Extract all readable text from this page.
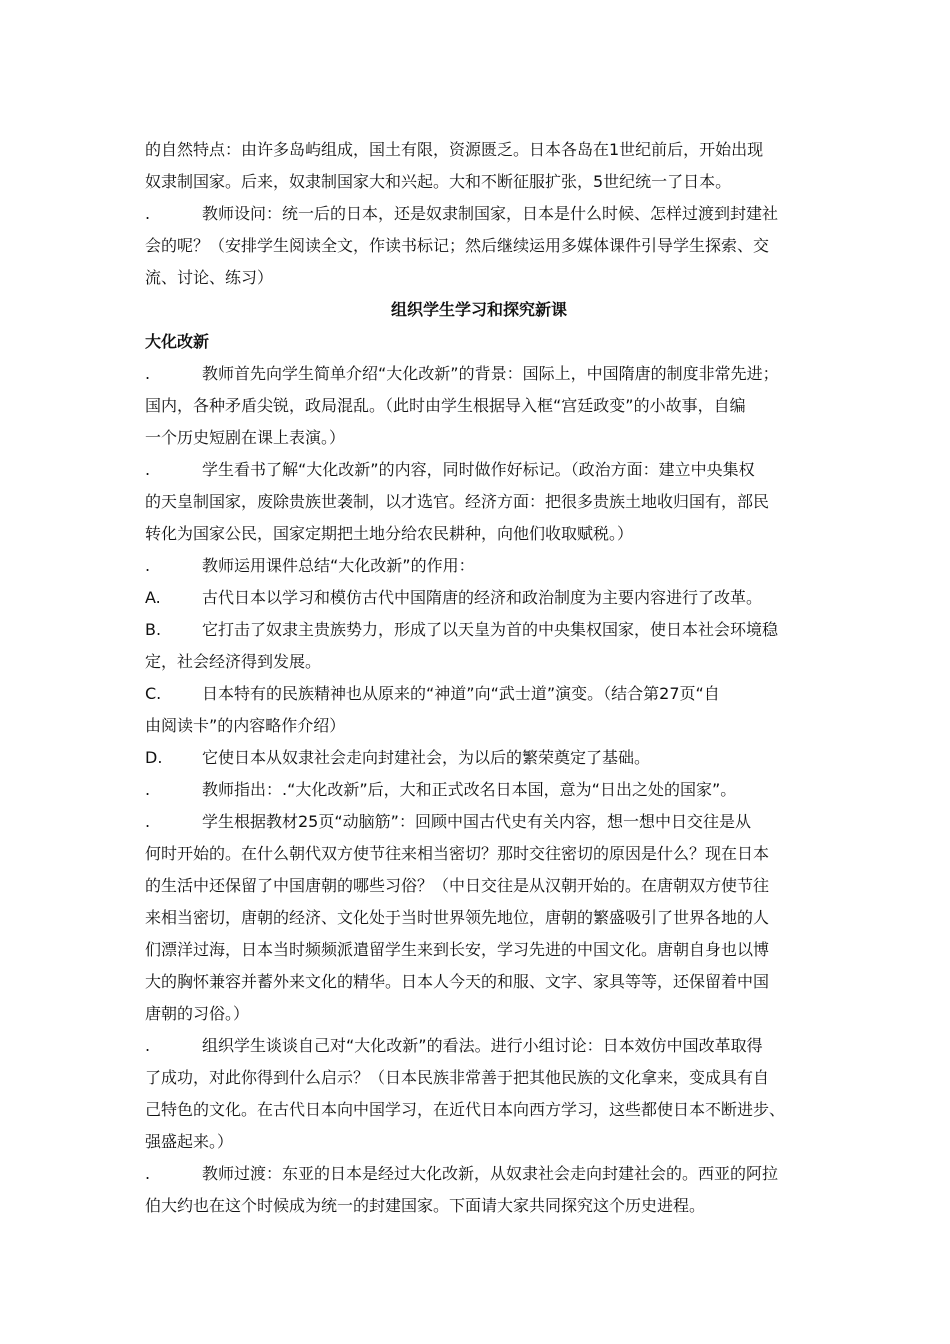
的自然特点：由许多岛屿组成，国土有限，资源匮乏。日本各岛在1世纪前后，开始出现
奴隶制国家。后来，奴隶制国家大和兴起。大和不断征服扩张，5世纪统一了日本。
.	教师设问：统一后的日本，还是奴隶制国家，日本是什么时候、怎样过渡到封建社
会的呢？（安排学生阅读全文，作读书标记；然后继续运用多媒体课件引导学生探索、交
流、讨论、练习）
组织学生学习和探究新课
大化改新
.	教师首先向学生简单介绍“大化改新”的背景：国际上，中国隋唐的制度非常先进；
国内，各种矛盾尖锐，政局混乱。（此时由学生根据导入框“宫廷政变”的小故事，自编
一个历史短剧在课上表演。）
.	学生看书了解“大化改新”的内容，同时做作好标记。（政治方面：建立中央集权
的天皇制国家，废除贵族世袭制，以才选官。经济方面：把很多贵族土地收归国有，部民
转化为国家公民，国家定期把土地分给农民耕种，向他们收取赋税。）
.	教师运用课件总结“大化改新”的作用：
A.	古代日本以学习和模仿古代中国隋唐的经济和政治制度为主要内容进行了改革。
B.	它打击了奴隶主贵族势力，形成了以天皇为首的中央集权国家，使日本社会环境稳
定，社会经济得到发展。
C.	日本特有的民族精神也从原来的“神道”向“武士道”演变。（结合第27页“自
由阅读卡”的内容略作介绍）
D.	它使日本从奴隶社会走向封建社会，为以后的繁荣奠定了基础。
.	教师指出：.“大化改新”后，大和正式改名日本国，意为“日出之处的国家”。
.	学生根据教材25页“动脑筋”：回顾中国古代史有关内容，想一想中日交往是从
何时开始的。在什么朝代双方使节往来相当密切？那时交往密切的原因是什么？现在日本
的生活中还保留了中国唐朝的哪些习俗？（中日交往是从汉朝开始的。在唐朝双方使节往
来相当密切，唐朝的经济、文化处于当时世界领先地位，唐朝的繁盛吸引了世界各地的人
们漂洋过海，日本当时频频派遣留学生来到长安，学习先进的中国文化。唐朝自身也以博
大的胸怀兼容并蓄外来文化的精华。日本人今天的和服、文字、家具等等，还保留着中国
唐朝的习俗。）
.	组织学生谈谈自己对“大化改新”的看法。进行小组讨论：日本效仿中国改革取得
了成功，对此你得到什么启示？（日本民族非常善于把其他民族的文化拿来，变成具有自
己特色的文化。在古代日本向中国学习，在近代日本向西方学习，这些都使日本不断进步、
强盛起来。）
.	教师过渡：东亚的日本是经过大化改新，从奴隶社会走向封建社会的。西亚的阿拉
伯大约也在这个时候成为统一的封建国家。下面请大家共同探究这个历史进程。
